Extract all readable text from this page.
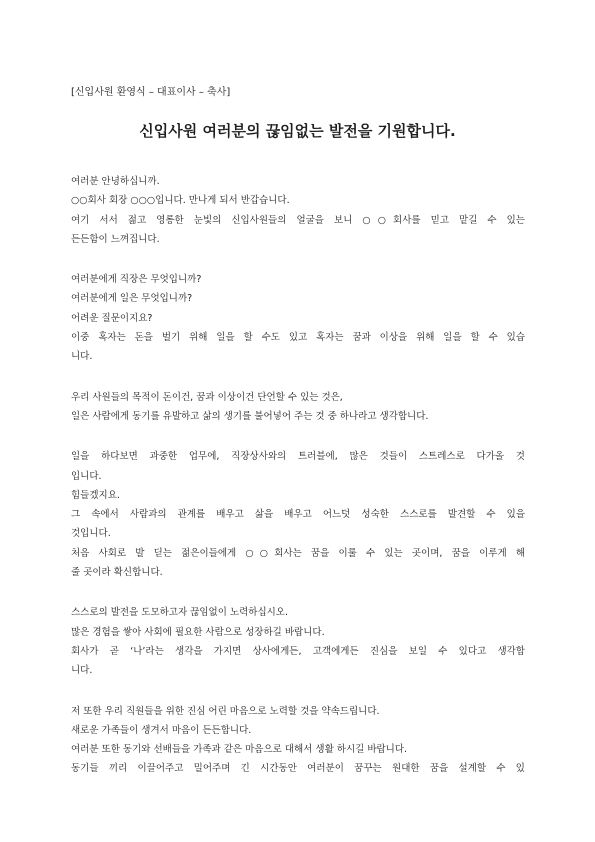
[신입사원 환영식 – 대표이사 – 축사]
신입사원 여러분의 끊임없는 발전을 기원합니다.
여러분 안녕하십니까.
○○회사 회장 ○○○입니다. 만나게 되서 반갑습니다.
여기 서서 젊고 영롱한 눈빛의 신입사원들의 얼굴을 보니 ○○회사를 믿고 맡길 수 있는
든든함이 느껴집니다.
여러분에게 직장은 무엇입니까?
여러분에게 일은 무엇입니까?
어려운 질문이지요?
이중 혹자는 돈을 벌기 위해 일을 할 수도 있고 혹자는 꿈과 이상을 위해 일을 할 수 있습
니다.
우리 사원들의 목적이 돈이건, 꿈과 이상이건 단언할 수 있는 것은,
일은 사람에게 동기를 유발하고 삶의 생기를 불어넣어 주는 것 중 하나라고 생각합니다.
일을 하다보면 과중한 업무에, 직장상사와의 트러블에, 많은 것들이 스트레스로 다가올 것
입니다.
힘들겠지요.
그 속에서 사람과의 관계를 배우고 삶을 배우고 어느덧 성숙한 스스로를 발견할 수 있을
것입니다.
처음 사회로 발 딛는 젊은이들에게 ○○회사는 꿈을 이룰 수 있는 곳이며, 꿈을 이루게 해
줄 곳이라 확신합니다.
스스로의 발전을 도모하고자 끊임없이 노력하십시오.
많은 경험을 쌓아 사회에 필요한 사람으로 성장하길 바랍니다.
회사가 곧 ‘나’라는 생각을 가지면 상사에게든, 고객에게든 진심을 보일 수 있다고 생각합
니다.
저 또한 우리 직원들을 위한 진심 어린 마음으로 노력할 것을 약속드립니다.
새로운 가족들이 생겨서 마음이 든든합니다.
여러분 또한 동기와 선배들을 가족과 같은 마음으로 대해서 생활 하시길 바랍니다.
동기들 끼리 이끌어주고 밀어주며 긴 시간동안 여러분이 꿈꾸는 원대한 꿈을 설계할 수 있
